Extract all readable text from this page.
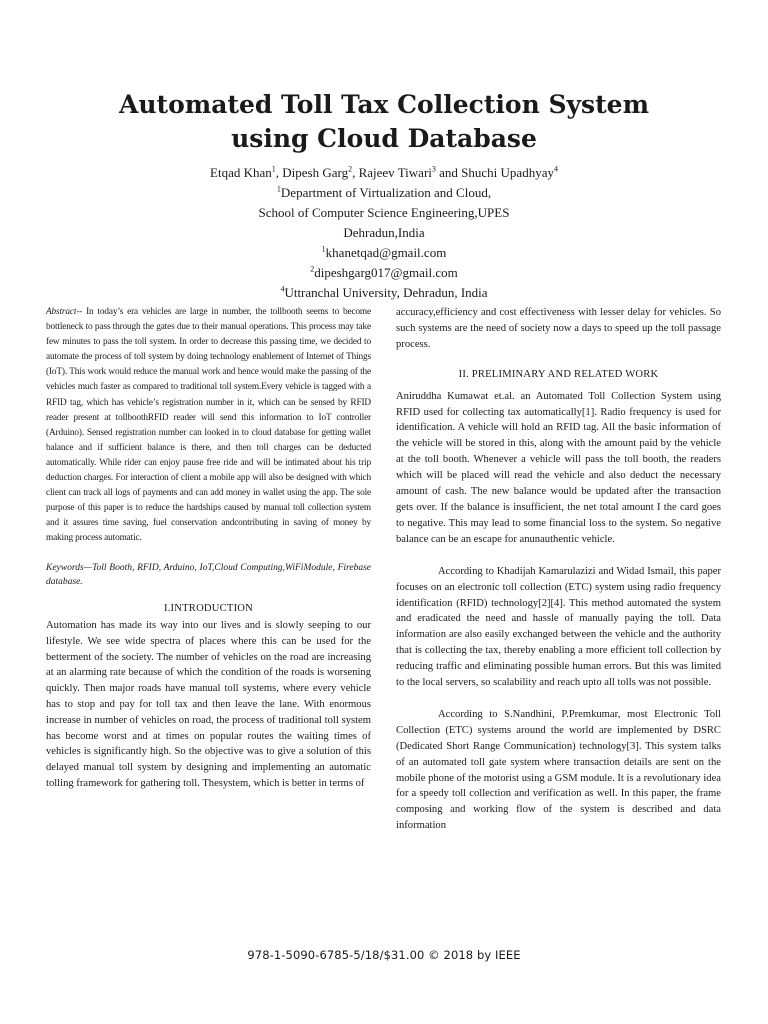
Automated Toll Tax Collection System
using Cloud Database
Etqad Khan$^1$, Dipesh Garg$^2$, Rajeev Tiwari$^3$ and Shuchi Upadhyay$^4$
$^1$Department of Virtualization and Cloud,
School of Computer Science Engineering,UPES
Dehradun,India
$^1$khanetqad@gmail.com
$^2$dipeshgarg017@gmail.com
$^4$Uttranchal University, Dehradun, India

Abstract-- In today’s era vehicles are large in number, the tollbooth seems to become bottleneck to pass through the gates due to their manual operations. This process may take few minutes to pass the toll system. In order to decrease this passing time, we decided to automate the process of toll system by doing technology enablement of Internet of Things (IoT). This work would reduce the manual work and hence would make the passing of the vehicles much faster as compared to traditional toll system.Every vehicle is tagged with a RFID tag, which has vehicle’s registration number in it, which can be sensed by RFID reader present at tollboothRFID reader will send this information to IoT controller (Arduino). Sensed registration number can looked in to cloud database for getting wallet balance and if sufficient balance is there, and then toll charges can be deducted automatically. While rider can enjoy pause free ride and will be intimated about his trip deduction charges. For interaction of client a mobile app will also be designed with which client can track all logs of payments and can add money in wallet using the app. The sole purpose of this paper is to reduce the hardships caused by manual toll collection system and it assures time saving, fuel conservation andcontributing in saving of money by making process automatic.

Keywords—Toll Booth, RFID, Arduino, IoT,Cloud Computing,WiFiModule, Firebase database.

I.INTRODUCTION

Automation has made its way into our lives and is slowly seeping to our lifestyle. We see wide spectra of places where this can be used for the betterment of the society. The number of vehicles on the road are increasing at an alarming rate because of which the condition of the roads is worsening quickly. Then major roads have manual toll systems, where every vehicle has to stop and pay for toll tax and then leave the lane. With enormous increase in number of vehicles on road, the process of traditional toll system has become worst and at times on popular routes the waiting times of vehicles is significantly high. So the objective was to give a solution of this delayed manual toll system by designing and implementing an automatic tolling framework for gathering toll. Thesystem, which is better in terms of

accuracy,efficiency and cost effectiveness with lesser delay for vehicles. So such systems are the need of society now a days to speed up the toll passage process.

II. PRELIMINARY AND RELATED WORK

Aniruddha Kumawat et.al. an Automated Toll Collection System using RFID used for collecting tax automatically[1]. Radio frequency is used for identification. A vehicle will hold an RFID tag. All the basic information of the vehicle will be stored in this, along with the amount paid by the vehicle at the toll booth. Whenever a vehicle will pass the toll booth, the readers which will be placed will read the vehicle and also deduct the necessary amount of cash. The new balance would be updated after the transaction gets over. If the balance is insufficient, the net total amount I the card goes to negative. This may lead to some financial loss to the system. So negative balance can be an escape for anunauthentic vehicle.

According to Khadijah Kamarulazizi and Widad Ismail, this paper focuses on an electronic toll collection (ETC) system using radio frequency identification (RFID) technology[2][4]. This method automated the system and eradicated the need and hassle of manually paying the toll. Data information are also easily exchanged between the vehicle and the authority that is collecting the tax, thereby enabling a more efficient toll collection by reducing traffic and eliminating possible human errors. But this was limited to the local servers, so scalability and reach upto all tolls was not possible.

According to S.Nandhini, P.Premkumar, most Electronic Toll Collection (ETC) systems around the world are implemented by DSRC (Dedicated Short Range Communication) technology[3]. This system talks of an automated toll gate system where transaction details are sent on the mobile phone of the motorist using a GSM module. It is a revolutionary idea for a speedy toll collection and verification as well. In this paper, the frame composing and working flow of the system is described and data information

978-1-5090-6785-5/18/$31.00 © 2018 by IEEE
